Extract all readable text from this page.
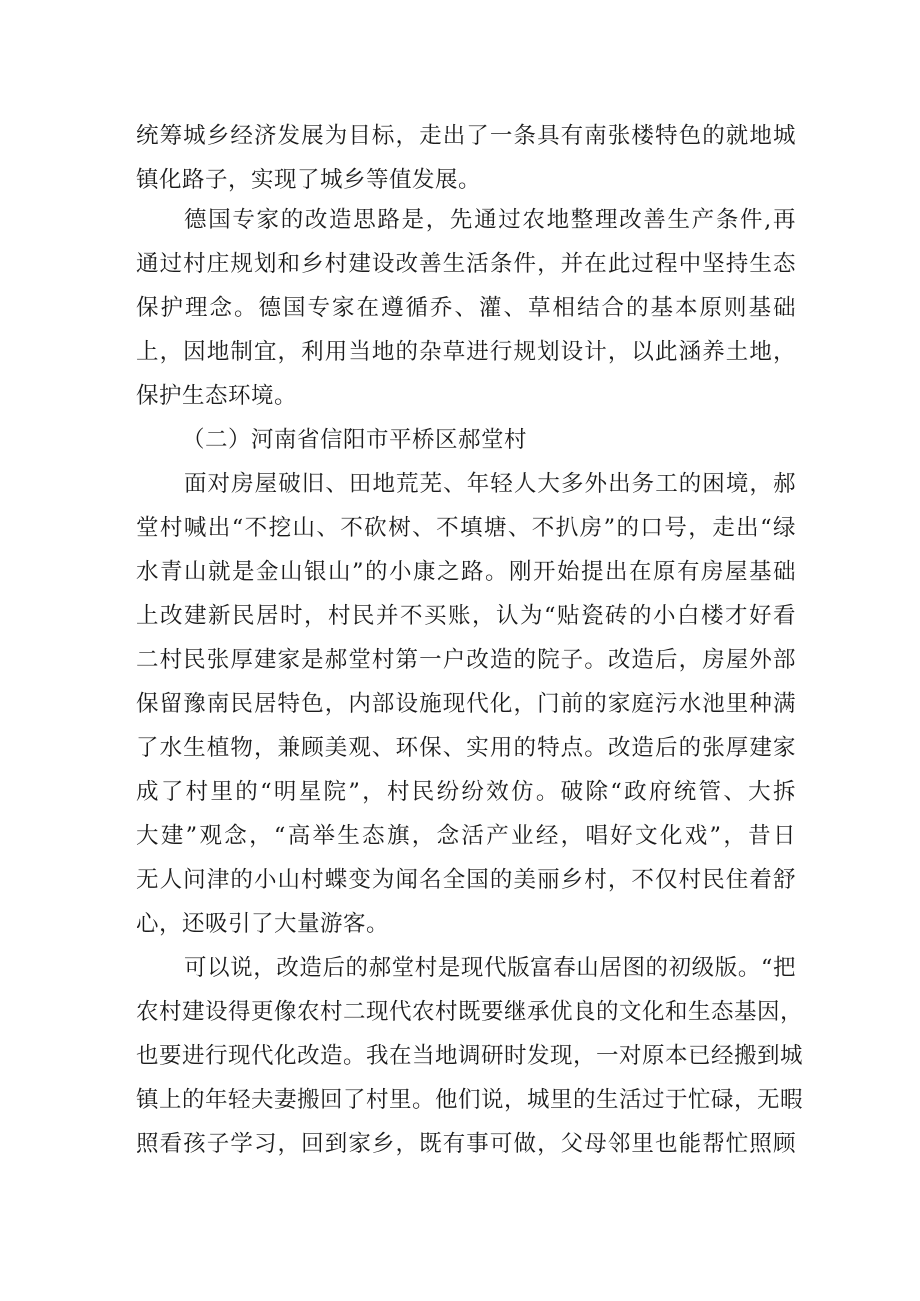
统筹城乡经济发展为目标，走出了一条具有南张楼特色的就地城
镇化路子，实现了城乡等值发展。
德国专家的改造思路是，先通过农地整理改善生产条件,再
通过村庄规划和乡村建设改善生活条件，并在此过程中坚持生态
保护理念。德国专家在遵循乔、灌、草相结合的基本原则基础
上，因地制宜，利用当地的杂草进行规划设计，以此涵养土地，
保护生态环境。
（二）河南省信阳市平桥区郝堂村
面对房屋破旧、田地荒芜、年轻人大多外出务工的困境，郝
堂村喊出“不挖山、不砍树、不填塘、不扒房”的口号，走出“绿
水青山就是金山银山”的小康之路。刚开始提出在原有房屋基础
上改建新民居时，村民并不买账，认为“贴瓷砖的小白楼才好看
二村民张厚建家是郝堂村第一户改造的院子。改造后，房屋外部
保留豫南民居特色，内部设施现代化，门前的家庭污水池里种满
了水生植物，兼顾美观、环保、实用的特点。改造后的张厚建家
成了村里的“明星院”，村民纷纷效仿。破除“政府统管、大拆
大建”观念，“高举生态旗，念活产业经，唱好文化戏”，昔日
无人问津的小山村蝶变为闻名全国的美丽乡村，不仅村民住着舒
心，还吸引了大量游客。
可以说，改造后的郝堂村是现代版富春山居图的初级版。“把
农村建设得更像农村二现代农村既要继承优良的文化和生态基因，
也要进行现代化改造。我在当地调研时发现，一对原本已经搬到城
镇上的年轻夫妻搬回了村里。他们说，城里的生活过于忙碌，无暇
照看孩子学习，回到家乡，既有事可做，父母邻里也能帮忙照顾
